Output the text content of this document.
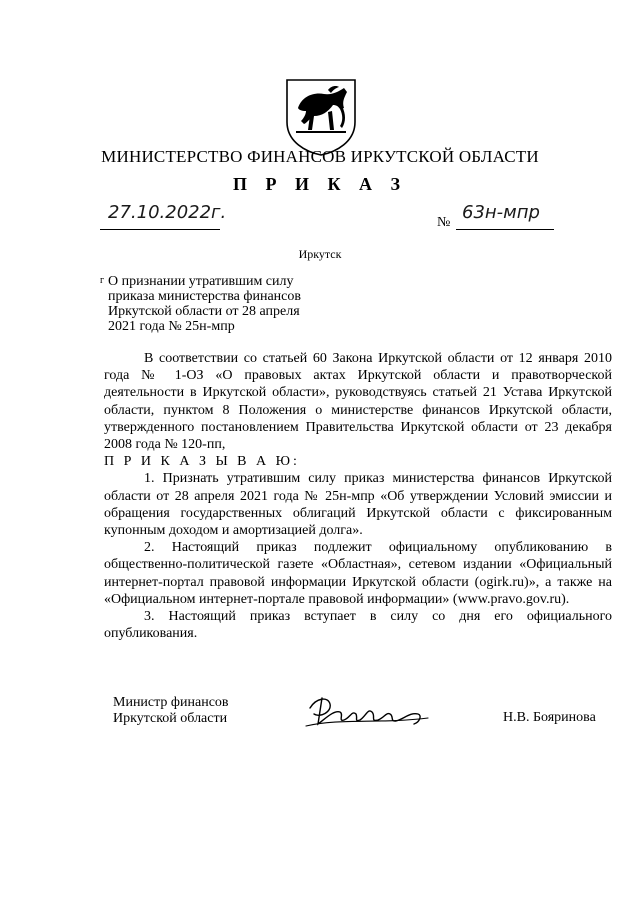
МИНИСТЕРСТВО ФИНАНСОВ ИРКУТСКОЙ ОБЛАСТИ
П Р И К А З
27.10.2022г.	№ 63н-мпр
Иркутск
г О признании утратившим силу
приказа министерства финансов
Иркутской области от 28 апреля
2021 года № 25н-мпр

В соответствии со статьей 60 Закона Иркутской области от 12 января 2010 года № 1-ОЗ «О правовых актах Иркутской области и правотворческой деятельности в Иркутской области», руководствуясь статьей 21 Устава Иркутской области, пунктом 8 Положения о министерстве финансов Иркутской области, утвержденного постановлением Правительства Иркутской области от 23 декабря 2008 года № 120-пп,

П Р И К А З Ы В А Ю:

1. Признать утратившим силу приказ министерства финансов Иркутской области от 28 апреля 2021 года № 25н-мпр «Об утверждении Условий эмиссии и обращения государственных облигаций Иркутской области с фиксированным купонным доходом и амортизацией долга».

2. Настоящий приказ подлежит официальному опубликованию в общественно-политической газете «Областная», сетевом издании «Официальный интернет-портал правовой информации Иркутской области (ogirk.ru)», а также на «Официальном интернет-портале правовой информации» (www.pravo.gov.ru).

3. Настоящий приказ вступает в силу со дня его официального опубликования.

Министр финансов
Иркутской области	Н.В. Бояринова
